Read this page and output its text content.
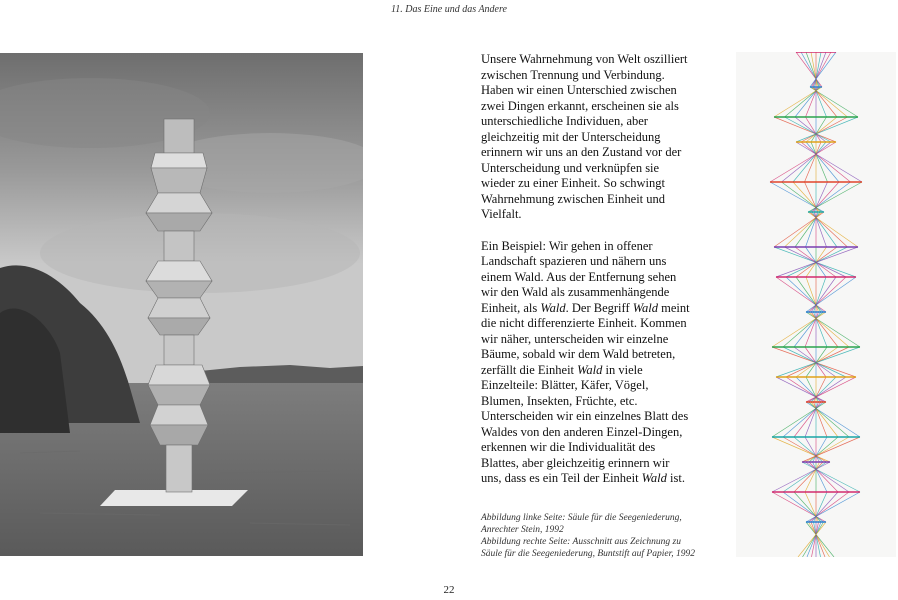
11. Das Eine und das Andere

Unsere Wahrnehmung von Welt oszilliert zwischen Trennung und Verbindung. Haben wir einen Unterschied zwischen zwei Dingen erkannt, erscheinen sie als unterschiedliche Individuen, aber gleichzeitig mit der Unterscheidung erinnern wir uns an den Zustand vor der Unterscheidung und verknüpfen sie wieder zu einer Einheit. So schwingt Wahrnehmung zwischen Einheit und Vielfalt.

Ein Beispiel: Wir gehen in offener Landschaft spazieren und nähern uns einem Wald. Aus der Entfernung sehen wir den Wald als zusammenhängende Einheit, als Wald. Der Begriff Wald meint die nicht differenzierte Einheit. Kommen wir näher, unterscheiden wir einzelne Bäume, sobald wir dem Wald betreten, zerfällt die Einheit Wald in viele Einzelteile: Blätter, Käfer, Vögel, Blumen, Insekten, Früchte, etc. Unterscheiden wir ein einzelnes Blatt des Waldes von den anderen Einzel-Dingen, erkennen wir die Individualität des Blattes, aber gleichzeitig erinnern wir uns, dass es ein Teil der Einheit Wald ist.

Abbildung linke Seite: Säule für die Seegeniederung,
Anrechter Stein, 1992
Abbildung rechte Seite: Ausschnitt aus Zeichnung zu
Säule für die Seegeniederung, Buntstift auf Papier, 1992
22
